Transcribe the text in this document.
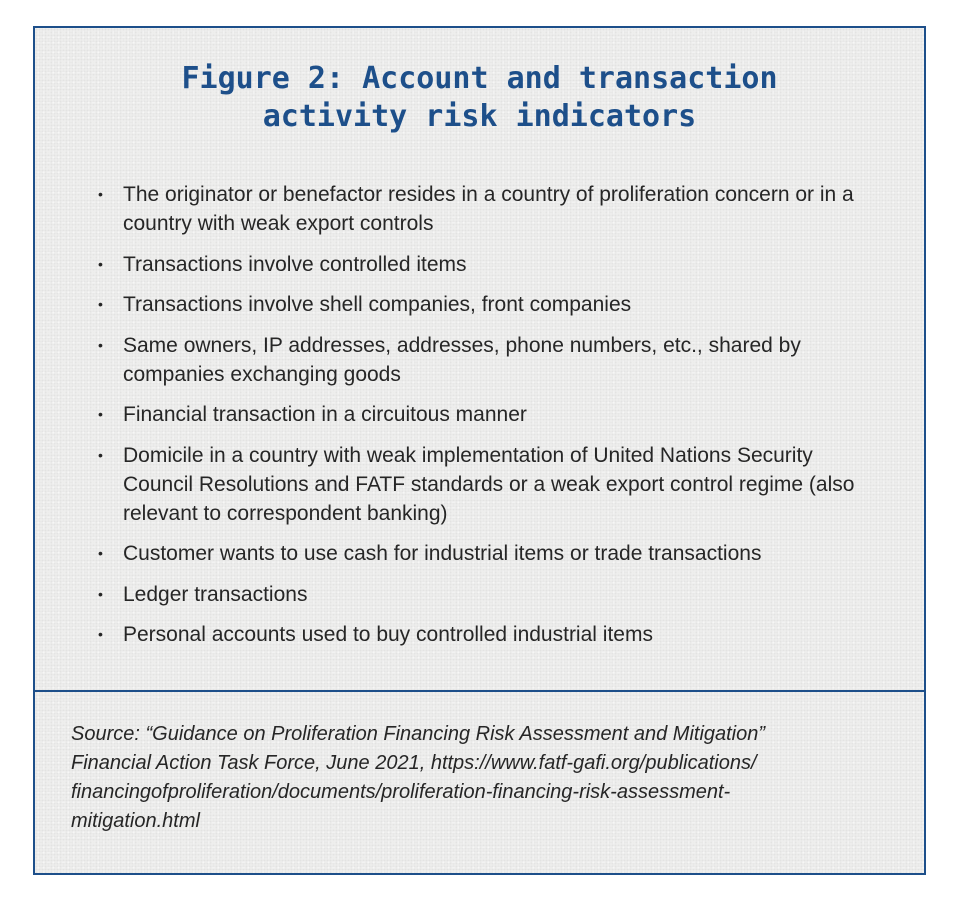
Figure 2: Account and transaction
activity risk indicators
• The originator or benefactor resides in a country of proliferation concern or in a country with weak export controls
• Transactions involve controlled items
• Transactions involve shell companies, front companies
• Same owners, IP addresses, addresses, phone numbers, etc., shared by companies exchanging goods
• Financial transaction in a circuitous manner
• Domicile in a country with weak implementation of United Nations Security Council Resolutions and FATF standards or a weak export control regime (also relevant to correspondent banking)
• Customer wants to use cash for industrial items or trade transactions
• Ledger transactions
• Personal accounts used to buy controlled industrial items
Source: “Guidance on Proliferation Financing Risk Assessment and Mitigation”
Financial Action Task Force, June 2021, https://www.fatf-gafi.org/publications/
financingofproliferation/documents/proliferation-financing-risk-assessment-
mitigation.html
